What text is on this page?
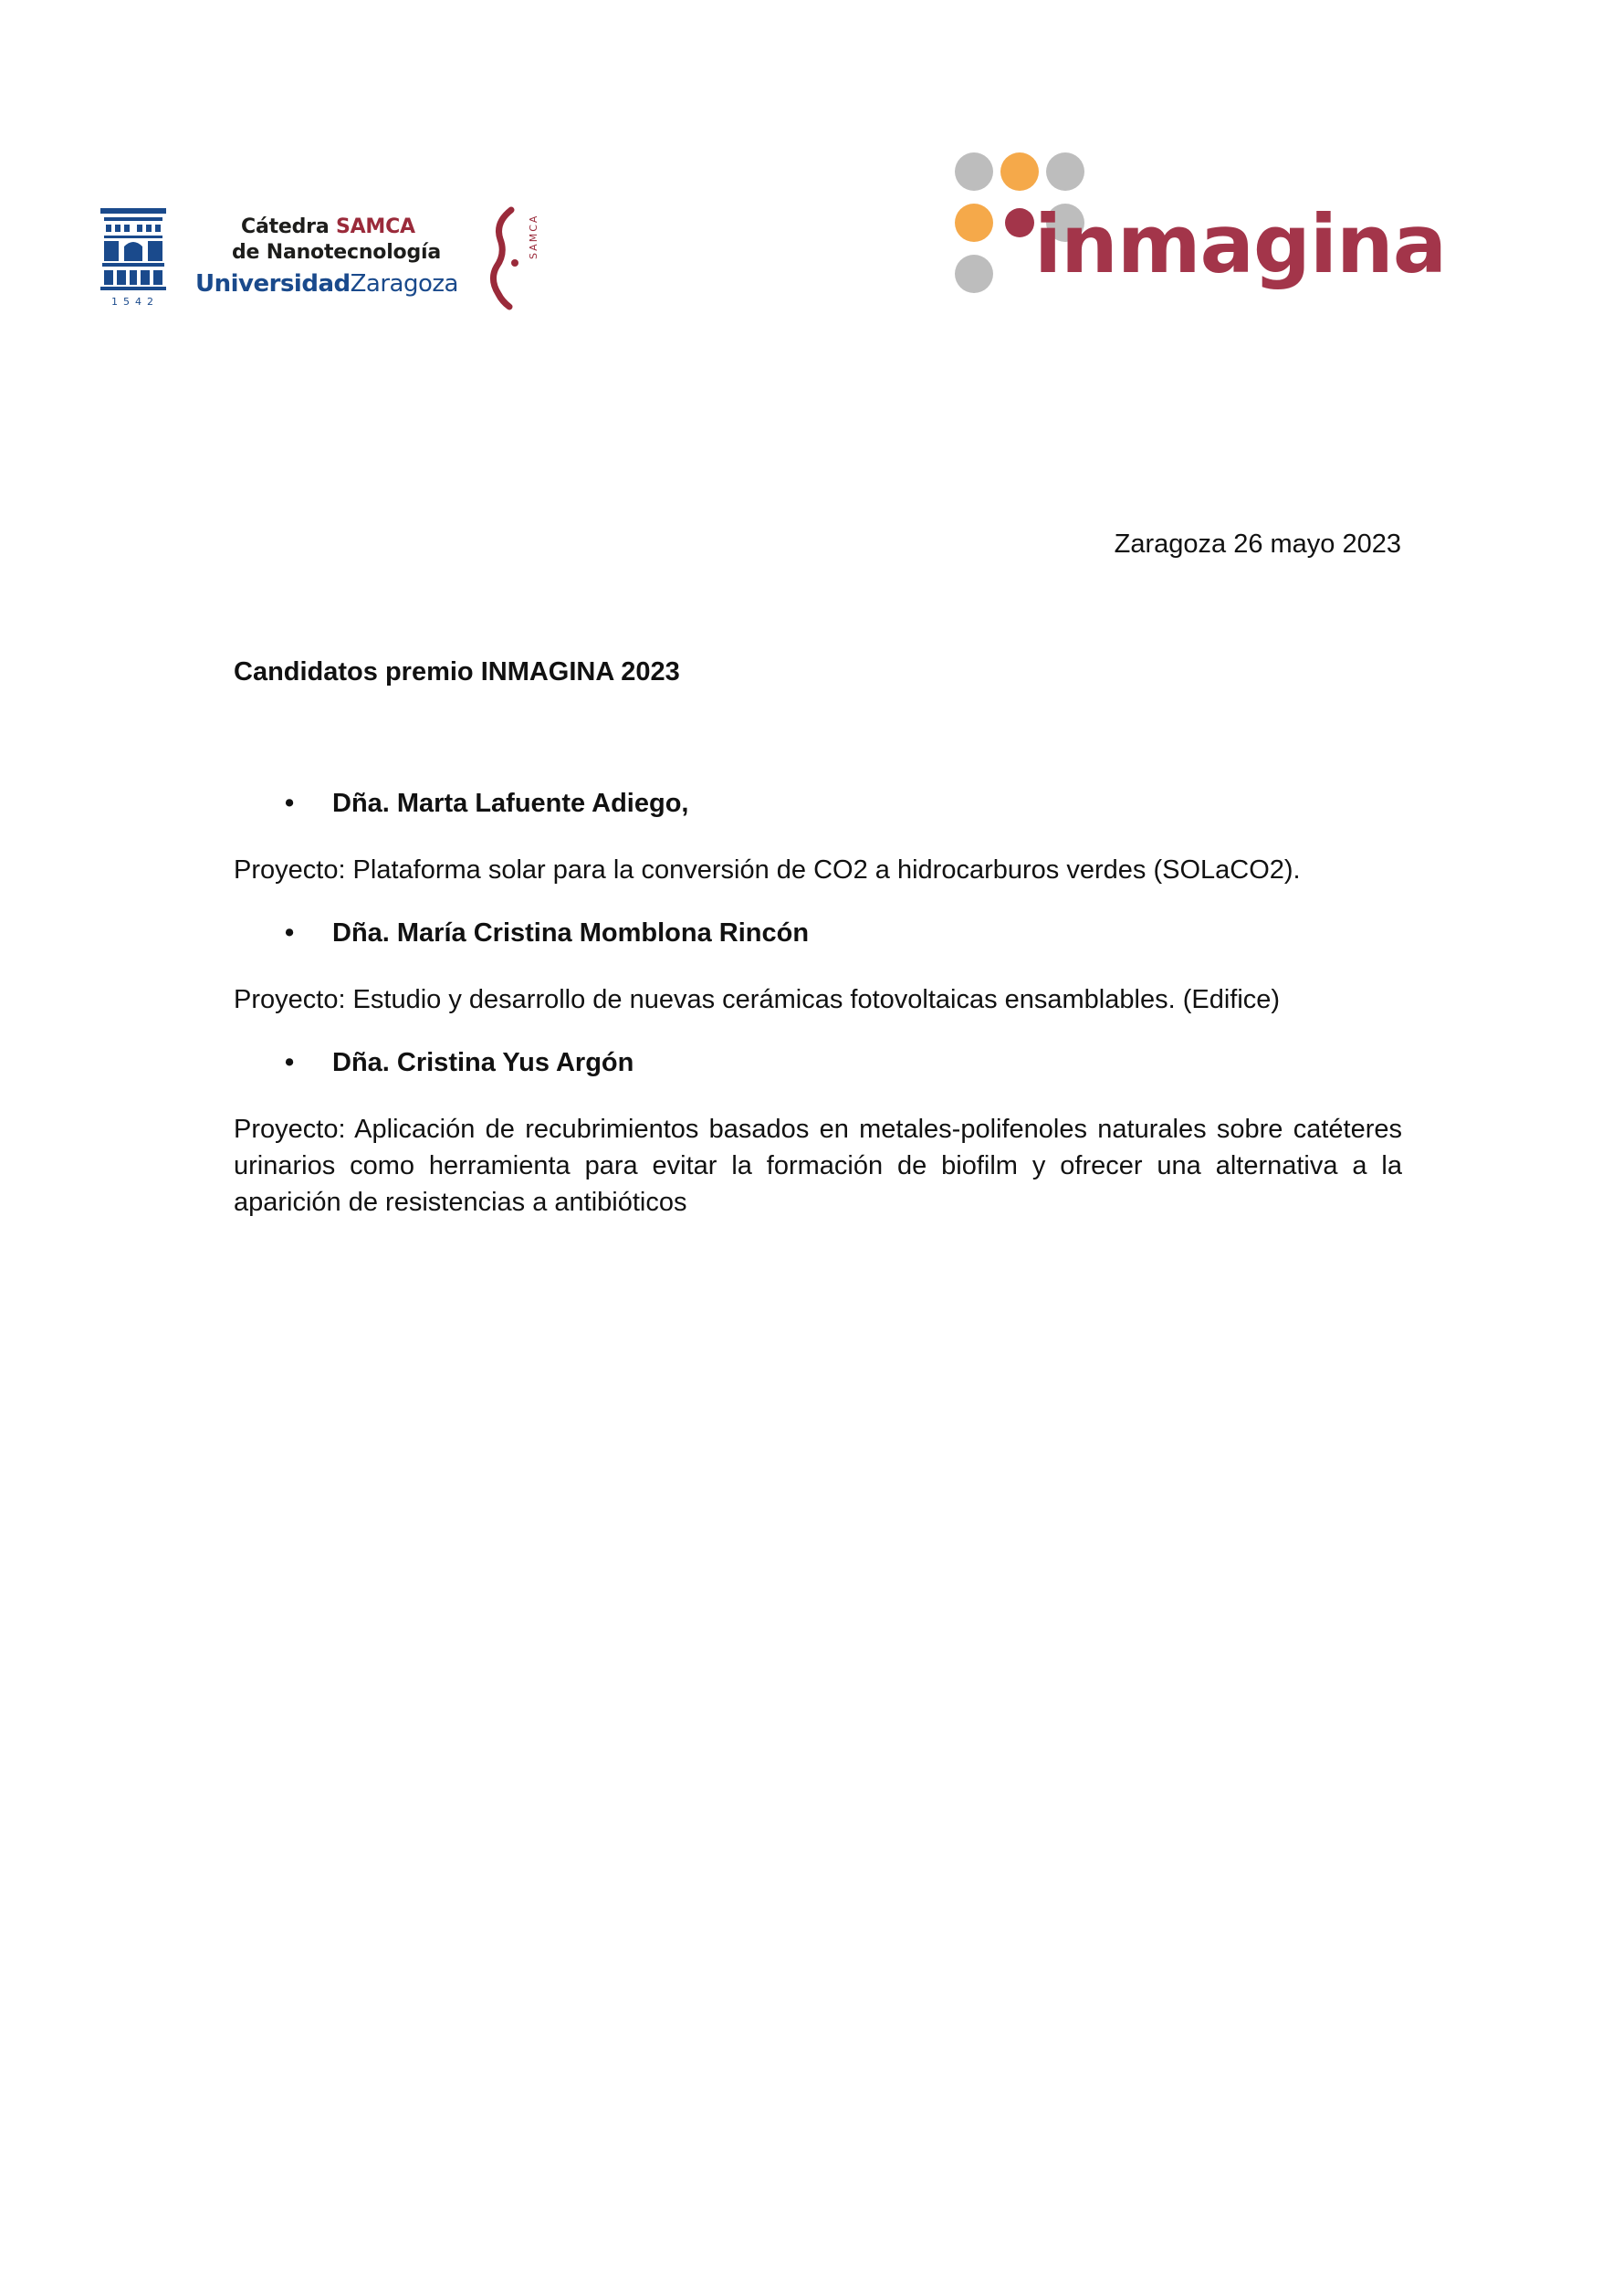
1542
Cátedra SAMCA
de Nanotecnología
UniversidadZaragoza
SAMCA	inmagina
Zaragoza 26 mayo 2023
Candidatos premio INMAGINA 2023
• Dña. Marta Lafuente Adiego,
Proyecto: Plataforma solar para la conversión de CO2 a hidrocarburos verdes (SOLaCO2).
• Dña. María Cristina Momblona Rincón
Proyecto: Estudio y desarrollo de nuevas cerámicas fotovoltaicas ensamblables. (Edifice)
• Dña. Cristina Yus Argón
Proyecto: Aplicación de recubrimientos basados en metales-polifenoles naturales sobre catéteres urinarios como herramienta para evitar la formación de biofilm y ofrecer una alternativa a la aparición de resistencias a antibióticos
